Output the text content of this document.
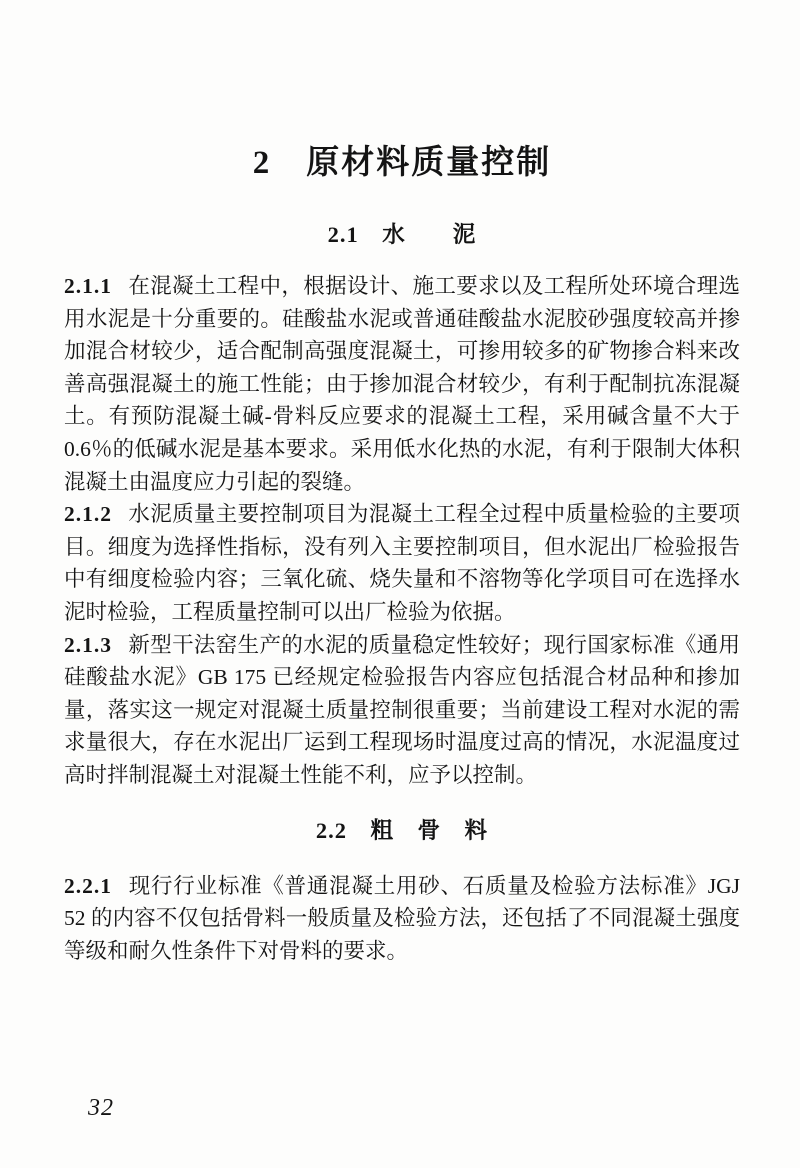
2　原材料质量控制
2.1　水　　泥

2.1.1 在混凝土工程中，根据设计、施工要求以及工程所处环境合理选用水泥是十分重要的。硅酸盐水泥或普通硅酸盐水泥胶砂强度较高并掺加混合材较少，适合配制高强度混凝土，可掺用较多的矿物掺合料来改善高强混凝土的施工性能；由于掺加混合材较少，有利于配制抗冻混凝土。有预防混凝土碱-骨料反应要求的混凝土工程，采用碱含量不大于 0.6％的低碱水泥是基本要求。采用低水化热的水泥，有利于限制大体积混凝土由温度应力引起的裂缝。

2.1.2 水泥质量主要控制项目为混凝土工程全过程中质量检验的主要项目。细度为选择性指标，没有列入主要控制项目，但水泥出厂检验报告中有细度检验内容；三氧化硫、烧失量和不溶物等化学项目可在选择水泥时检验，工程质量控制可以出厂检验为依据。

2.1.3 新型干法窑生产的水泥的质量稳定性较好；现行国家标准《通用硅酸盐水泥》GB 175 已经规定检验报告内容应包括混合材品种和掺加量，落实这一规定对混凝土质量控制很重要；当前建设工程对水泥的需求量很大，存在水泥出厂运到工程现场时温度过高的情况，水泥温度过高时拌制混凝土对混凝土性能不利，应予以控制。

2.2　粗　骨　料

2.2.1 现行行业标准《普通混凝土用砂、石质量及检验方法标准》JGJ 52 的内容不仅包括骨料一般质量及检验方法，还包括了不同混凝土强度等级和耐久性条件下对骨料的要求。

32
